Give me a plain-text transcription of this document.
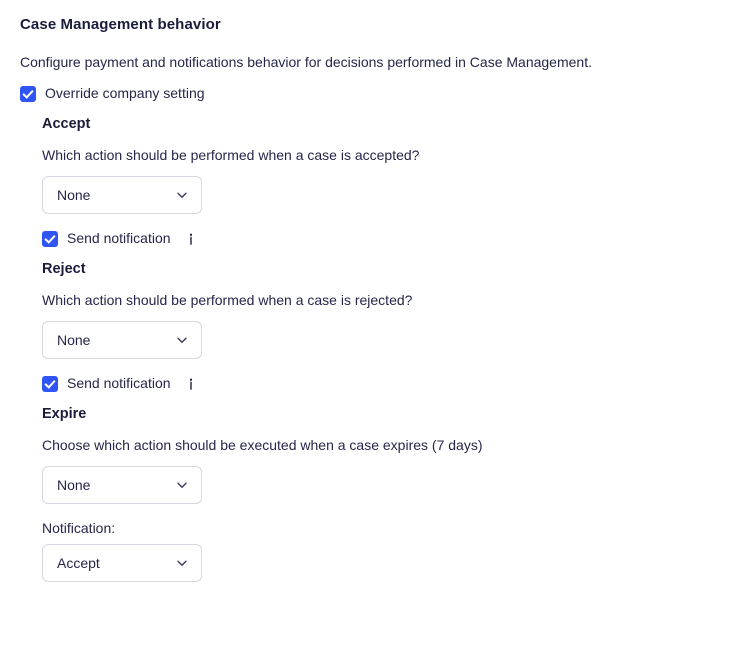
Case Management behavior

Configure payment and notifications behavior for decisions performed in Case Management.

Override company setting
Accept
Which action should be performed when a case is accepted?
None
Send notification
Reject
Which action should be performed when a case is rejected?
None
Send notification
Expire
Choose which action should be executed when a case expires (7 days)
None
Notification:
Accept
